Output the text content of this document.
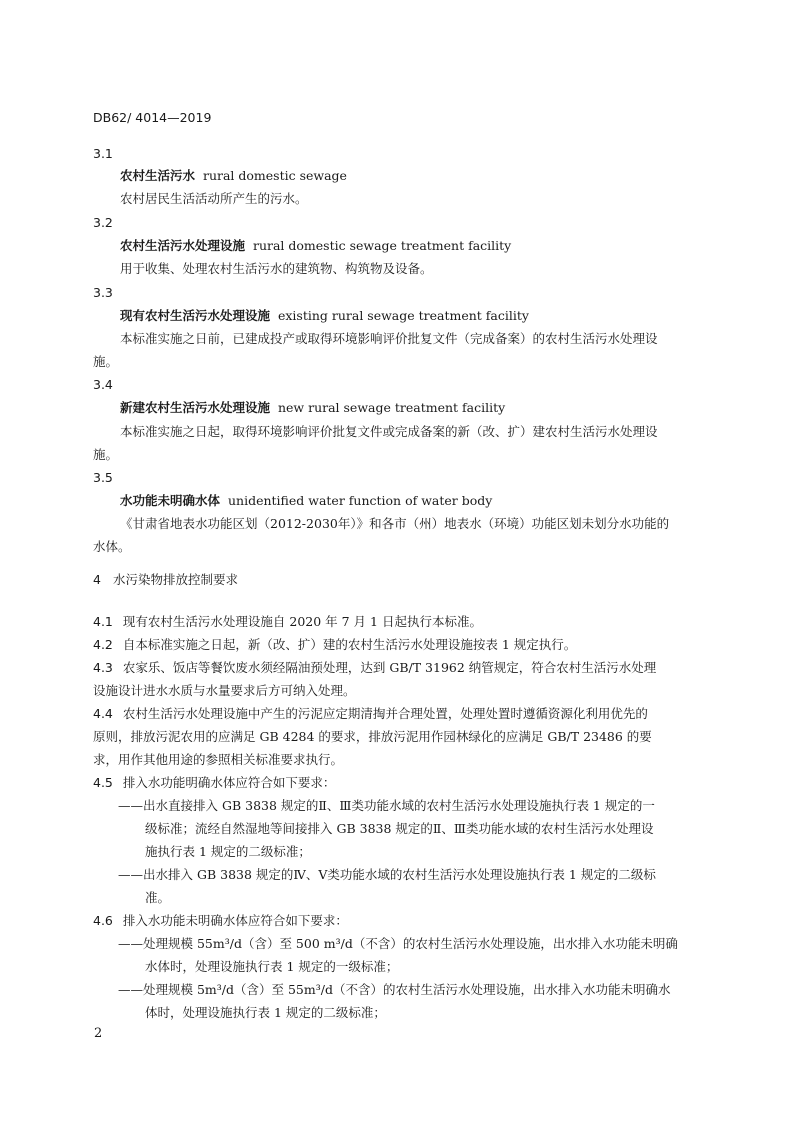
DB62/ 4014—2019
3.1
农村生活污水 rural domestic sewage
农村居民生活活动所产生的污水。
3.2
农村生活污水处理设施 rural domestic sewage treatment facility
用于收集、处理农村生活污水的建筑物、构筑物及设备。
3.3
现有农村生活污水处理设施 existing rural sewage treatment facility
本标准实施之日前，已建成投产或取得环境影响评价批复文件（完成备案）的农村生活污水处理设
施。
3.4
新建农村生活污水处理设施 new rural sewage treatment facility
本标准实施之日起，取得环境影响评价批复文件或完成备案的新（改、扩）建农村生活污水处理设
施。
3.5
水功能未明确水体 unidentified water function of water body
《甘肃省地表水功能区划（2012-2030年）》和各市（州）地表水（环境）功能区划未划分水功能的
水体。
4 水污染物排放控制要求
4.1 现有农村生活污水处理设施自 2020 年 7 月 1 日起执行本标准。
4.2 自本标准实施之日起，新（改、扩）建的农村生活污水处理设施按表 1 规定执行。
4.3 农家乐、饭店等餐饮废水须经隔油预处理，达到 GB/T 31962 纳管规定，符合农村生活污水处理
设施设计进水水质与水量要求后方可纳入处理。
4.4 农村生活污水处理设施中产生的污泥应定期清掏并合理处置，处理处置时遵循资源化利用优先的
原则，排放污泥农用的应满足 GB 4284 的要求，排放污泥用作园林绿化的应满足 GB/T 23486 的要
求，用作其他用途的参照相关标准要求执行。
4.5 排入水功能明确水体应符合如下要求：
——出水直接排入 GB 3838 规定的Ⅱ、Ⅲ类功能水域的农村生活污水处理设施执行表 1 规定的一
级标准；流经自然湿地等间接排入 GB 3838 规定的Ⅱ、Ⅲ类功能水域的农村生活污水处理设
施执行表 1 规定的二级标准；
——出水排入 GB 3838 规定的Ⅳ、Ⅴ类功能水域的农村生活污水处理设施执行表 1 规定的二级标
准。
4.6 排入水功能未明确水体应符合如下要求：
——处理规模 55m³/d（含）至 500 m³/d（不含）的农村生活污水处理设施，出水排入水功能未明确
水体时，处理设施执行表 1 规定的一级标准；
——处理规模 5m³/d（含）至 55m³/d（不含）的农村生活污水处理设施，出水排入水功能未明确水
体时，处理设施执行表 1 规定的二级标准；
2
